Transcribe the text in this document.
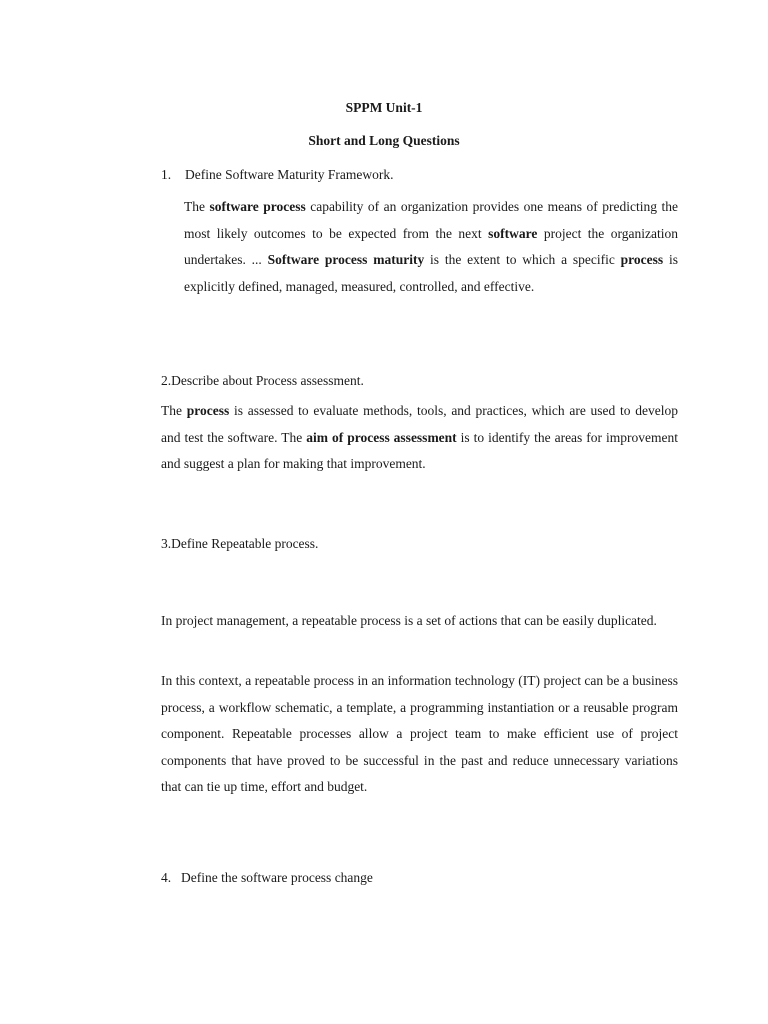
SPPM Unit-1
Short and Long Questions
1. Define Software Maturity Framework.

The software process capability of an organization provides one means of predicting the most likely outcomes to be expected from the next software project the organization undertakes. ... Software process maturity is the extent to which a specific process is explicitly defined, managed, measured, controlled, and effective.

2.Describe about Process assessment.

The process is assessed to evaluate methods, tools, and practices, which are used to develop and test the software. The aim of process assessment is to identify the areas for improvement and suggest a plan for making that improvement.

3.Define Repeatable process.

In project management, a repeatable process is a set of actions that can be easily duplicated.

In this context, a repeatable process in an information technology (IT) project can be a business process, a workflow schematic, a template, a programming instantiation or a reusable program component. Repeatable processes allow a project team to make efficient use of project components that have proved to be successful in the past and reduce unnecessary variations that can tie up time, effort and budget.

4. Define the software process change
